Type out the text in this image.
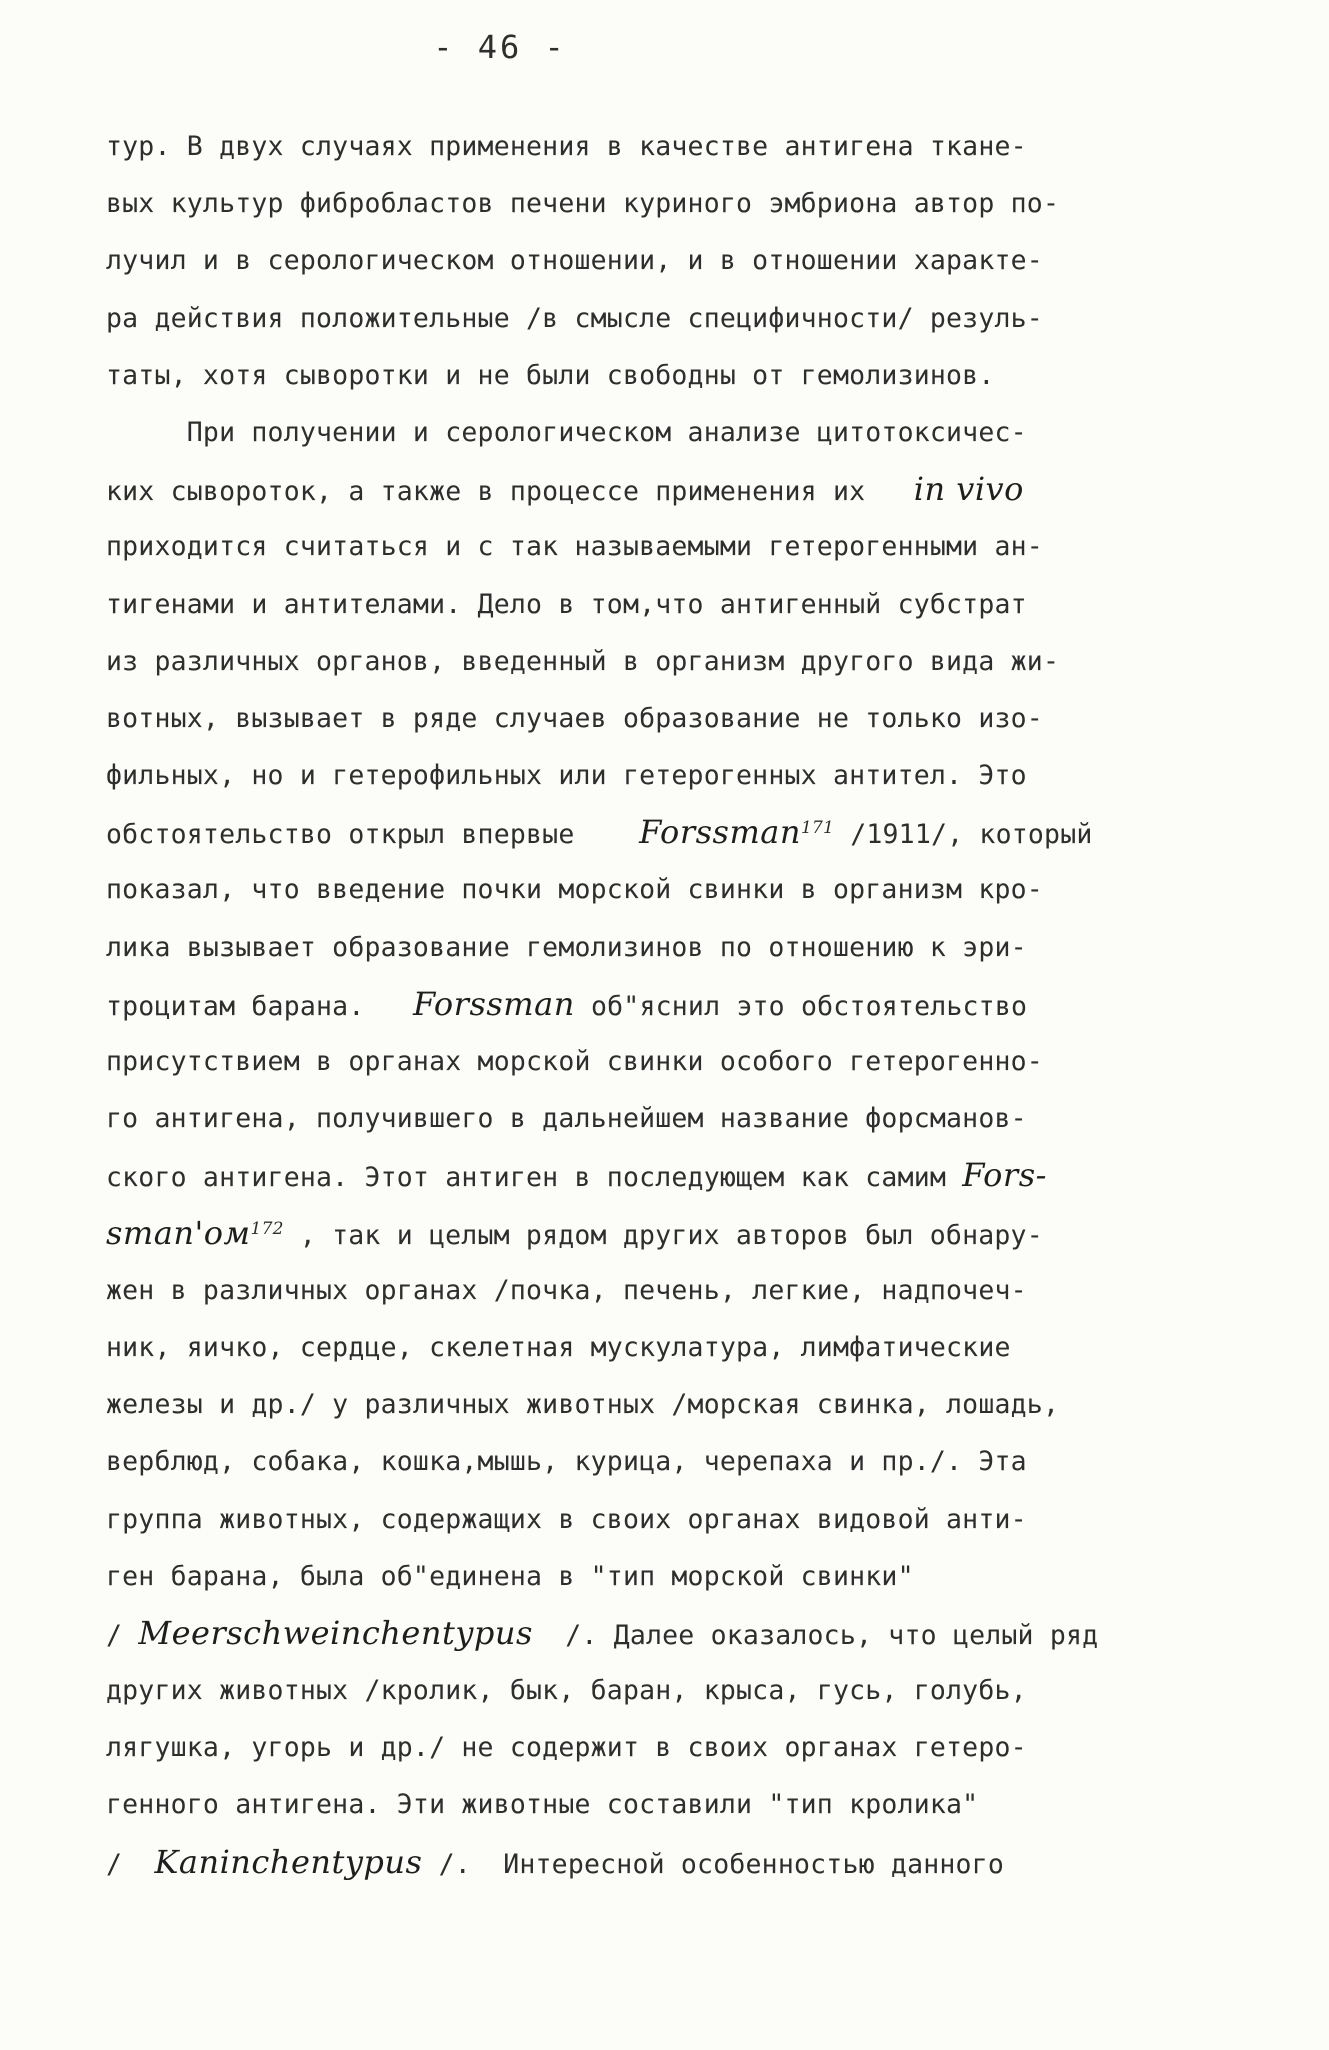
- 46 -
тур. В двух случаях применения в качестве антигена ткане-
вых культур фибробластов печени куриного эмбриона автор по-
лучил и в серологическом отношении, и в отношении характе-
ра действия положительные /в смысле специфичности/ резуль-
таты, хотя сыворотки и не были свободны от гемолизинов.
При получении и серологическом анализе цитотоксичес-
ких сывороток, а также в процессе применения их   in vivo
приходится считаться и с так называемыми гетерогенными ан-
тигенами и антителами. Дело в том,что антигенный субстрат
из различных органов, введенный в организм другого вида жи-
вотных, вызывает в ряде случаев образование не только изо-
фильных, но и гетерофильных или гетерогенных антител. Это
обстоятельство открыл впервые    Forssman$^{171}$ /1911/, который
показал, что введение почки морской свинки в организм кро-
лика вызывает образование гемолизинов по отношению к эри-
троцитам барана.   Forssman об"яснил это обстоятельство
присутствием в органах морской свинки особого гетерогенно-
го антигена, получившего в дальнейшем название форсманов-
ского антигена. Этот антиген в последующем как самим Fors-
sman'ом$^{172}$ , так и целым рядом других авторов был обнару-
жен в различных органах /почка, печень, легкие, надпочеч-
ник, яичко, сердце, скелетная мускулатура, лимфатические
железы и др./ у различных животных /морская свинка, лошадь,
верблюд, собака, кошка,мышь, курица, черепаха и пр./. Эта
группа животных, содержащих в своих органах видовой анти-
ген барана, была об"единена в "тип морской свинки"
/ Meerschweinchentypus  /. Далее оказалось, что целый ряд
других животных /кролик, бык, баран, крыса, гусь, голубь,
лягушка, угорь и др./ не содержит в своих органах гетеро-
генного антигена. Эти животные составили "тип кролика"
/  Kaninchentypus /.  Интересной особенностью данного
